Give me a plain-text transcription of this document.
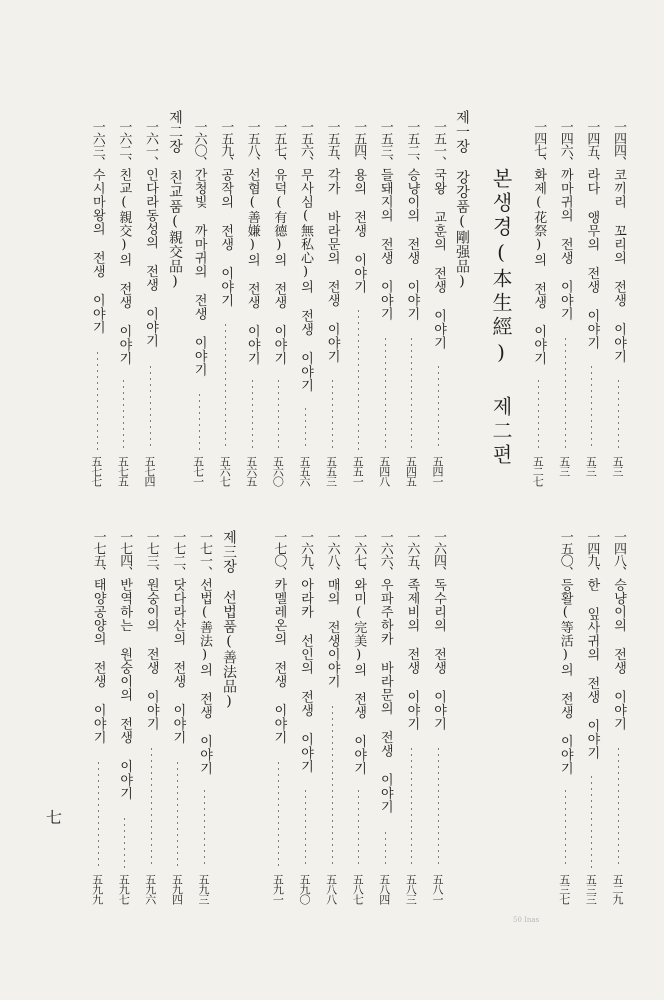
본생경(本生經) 제二편
제一장 강강품(剛强品)
제二장 친교품(親交品)
제三장 선법품(善法品)
七
50 Inas
一四四、코끼리 꼬리의 전생 이야기
五三
一四五、라다 앵무의 전생 이야기
五三
一四六、까마귀의 전생 이야기
五三
一四七、화제(花祭)의 전생 이야기
五二七
一五一、국왕 교훈의 전생 이야기
五四一
一五二、승냥이의 전생 이야기
五四五
一五三、들돼지의 전생 이야기
五四八
一五四、용의 전생 이야기
五五一
一五五、각가 바라문의 전생 이야기
五五三
一五六、무사심(無私心)의 전생 이야기
五五六
一五七、유덕(有德)의 전생 이야기
五六〇
一五八、선혐(善嫌)의 전생 이야기
五六五
一五九、공작의 전생 이야기
五六七
一六〇、간청빛 까마귀의 전생 이야기
五七一
一六一、인다라동성의 전생 이야기
五七四
一六二、친교(親交)의 전생 이야기
五七五
一六三、수시마왕의 전생 이야기
五七七
一四八、승냥이의 전생 이야기
五二九
一四九、한 잎사귀의 전생 이야기
五三三
一五〇、등활(等活)의 전생 이야기
五三七
一六四、독수리의 전생 이야기
五八一
一六五、족제비의 전생 이야기
五八三
一六六、우파주하카 바라문의 전생 이야기
五八四
一六七、와미(完美)의 전생 이야기
五八七
一六八、매의 전생이야기
五八八
一六九、아라카 선인의 전생 이야기
五九〇
一七〇、카멜레온의 전생 이야기
五九一
一七一、선법(善法)의 전생 이야기
五九三
一七二、닷다라산의 전생 이야기
五九四
一七三、원숭이의 전생 이야기
五九六
一七四、반역하는 원숭이의 전생 이야기
五九七
一七五、태양공양의 전생 이야기
五九九
